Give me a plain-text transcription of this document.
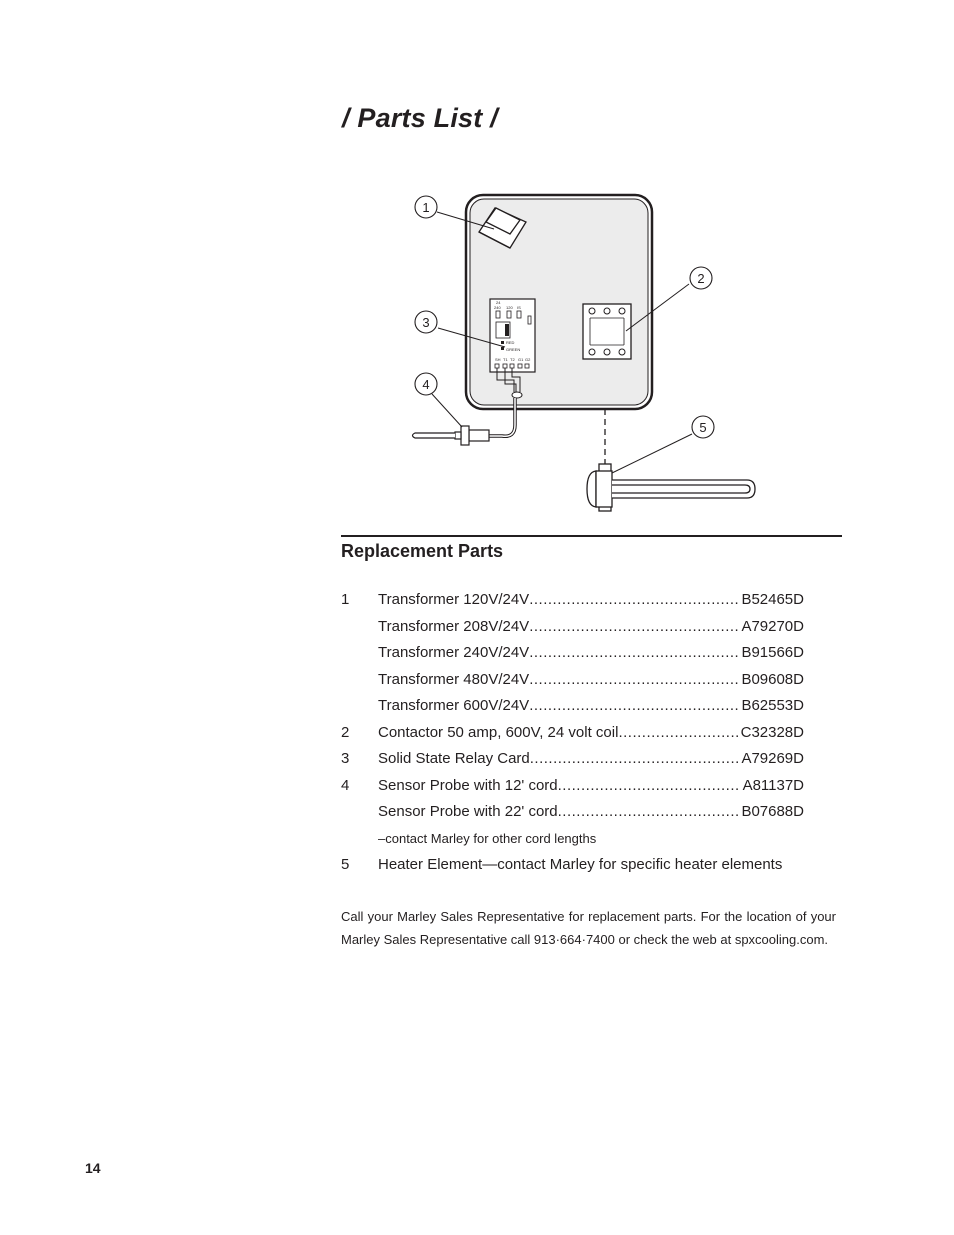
/ Parts List /
24
240 120 IS
RED
GREEN
SH T1 T2 G1 G2
1
2
3
4
5
Replacement Parts
1 Transformer 120V/24V .....	B52465D
Transformer 208V/24V .....	A79270D
Transformer 240V/24V .....	B91566D
Transformer 480V/24V .....	B09608D
Transformer 600V/24V .....	B62553D
2 Contactor 50 amp, 600V, 24 volt coil .....	C32328D
3 Solid State Relay Card .....	A79269D
4 Sensor Probe with 12' cord .....	A81137D
Sensor Probe with 22' cord .....	B07688D
–contact Marley for other cord lengths
5 Heater Element—contact Marley for specific heater elements

Call your Marley Sales Representative for replacement parts. For the location of your Marley Sales Representative call 913·664·7400 or check the web at spxcooling.com.

14
